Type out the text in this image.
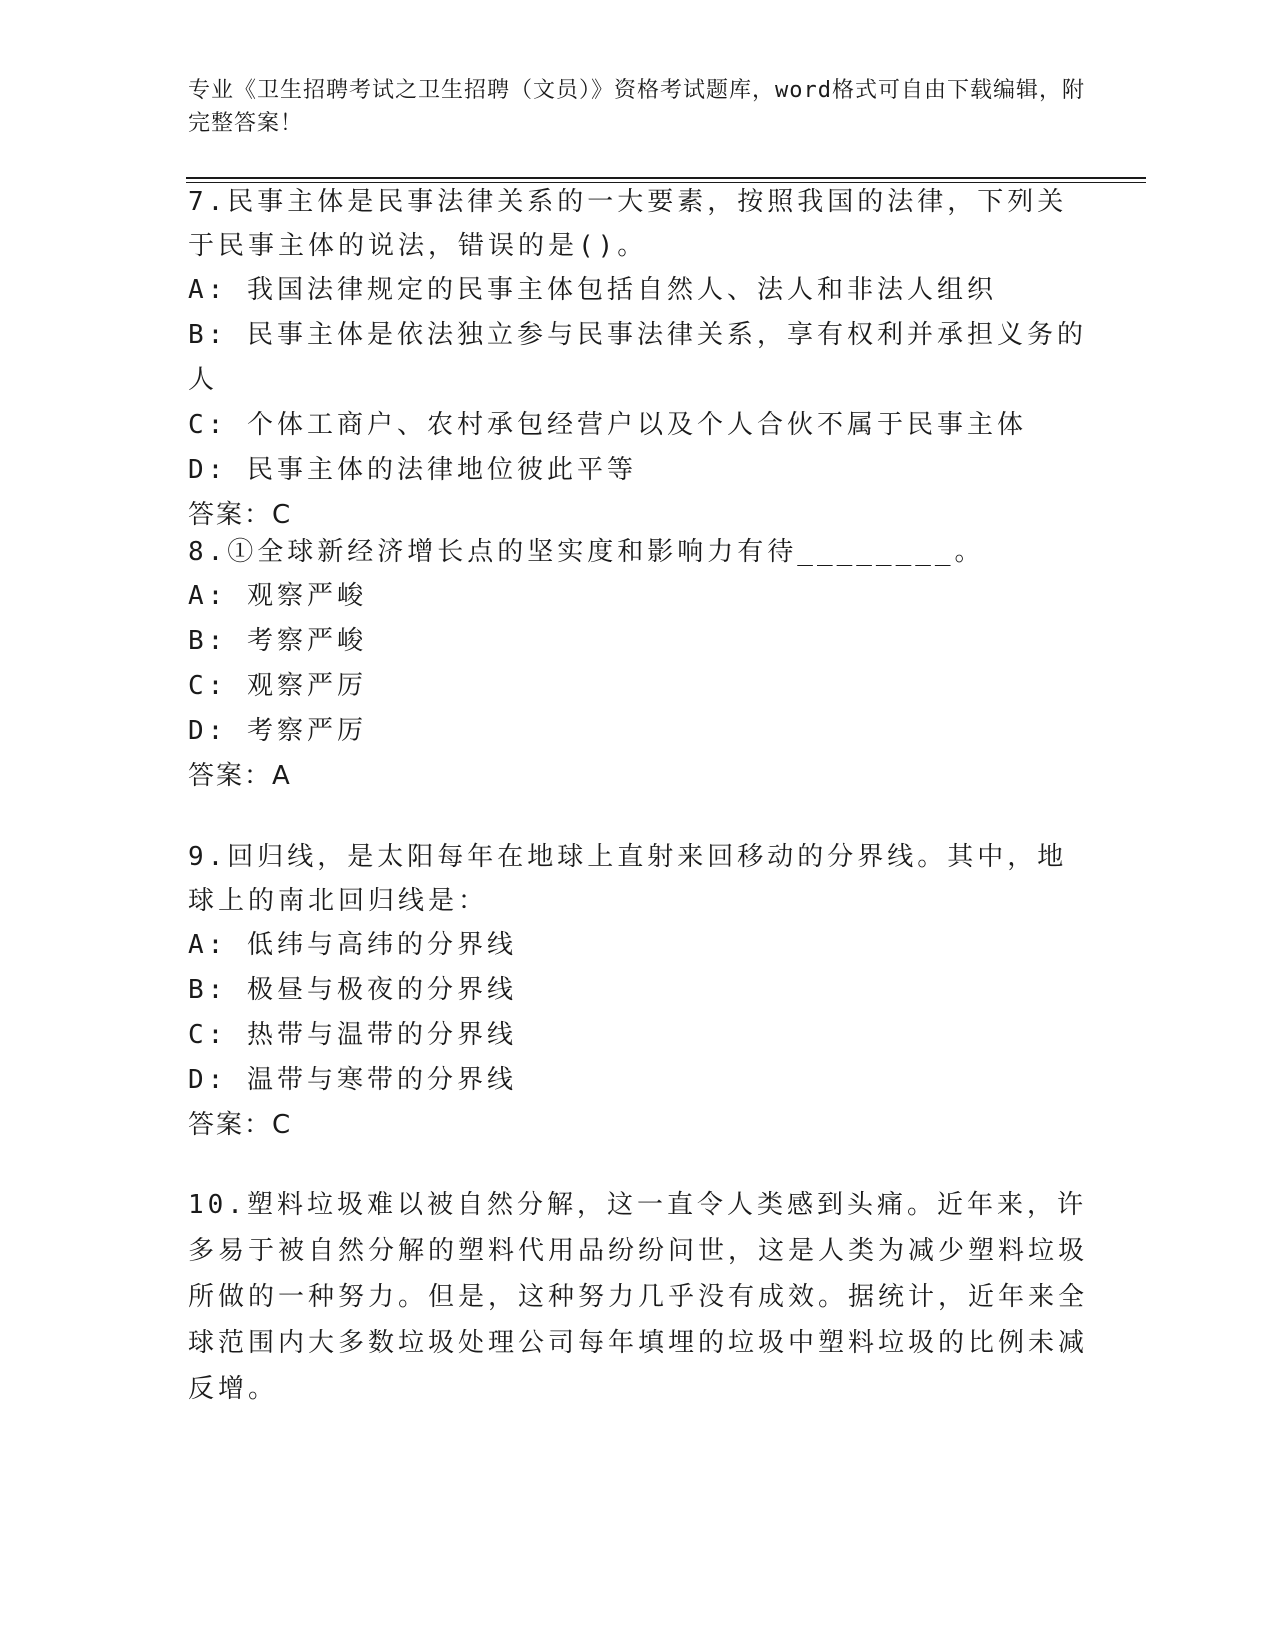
专业《卫生招聘考试之卫生招聘（文员）》资格考试题库，word格式可自由下载编辑，附完整答案！
7.民事主体是民事法律关系的一大要素，按照我国的法律，下列关于民事主体的说法，错误的是()。
A: 我国法律规定的民事主体包括自然人、法人和非法人组织
B: 民事主体是依法独立参与民事法律关系，享有权利并承担义务的人
C: 个体工商户、农村承包经营户以及个人合伙不属于民事主体
D: 民事主体的法律地位彼此平等
答案：C
8.①全球新经济增长点的坚实度和影响力有待________。
A: 观察严峻
B: 考察严峻
C: 观察严厉
D: 考察严厉
答案：A
9.回归线，是太阳每年在地球上直射来回移动的分界线。其中，地球上的南北回归线是：
A: 低纬与高纬的分界线
B: 极昼与极夜的分界线
C: 热带与温带的分界线
D: 温带与寒带的分界线
答案：C
10.塑料垃圾难以被自然分解，这一直令人类感到头痛。近年来，许多易于被自然分解的塑料代用品纷纷问世，这是人类为减少塑料垃圾所做的一种努力。但是，这种努力几乎没有成效。据统计，近年来全球范围内大多数垃圾处理公司每年填埋的垃圾中塑料垃圾的比例未减反增。
